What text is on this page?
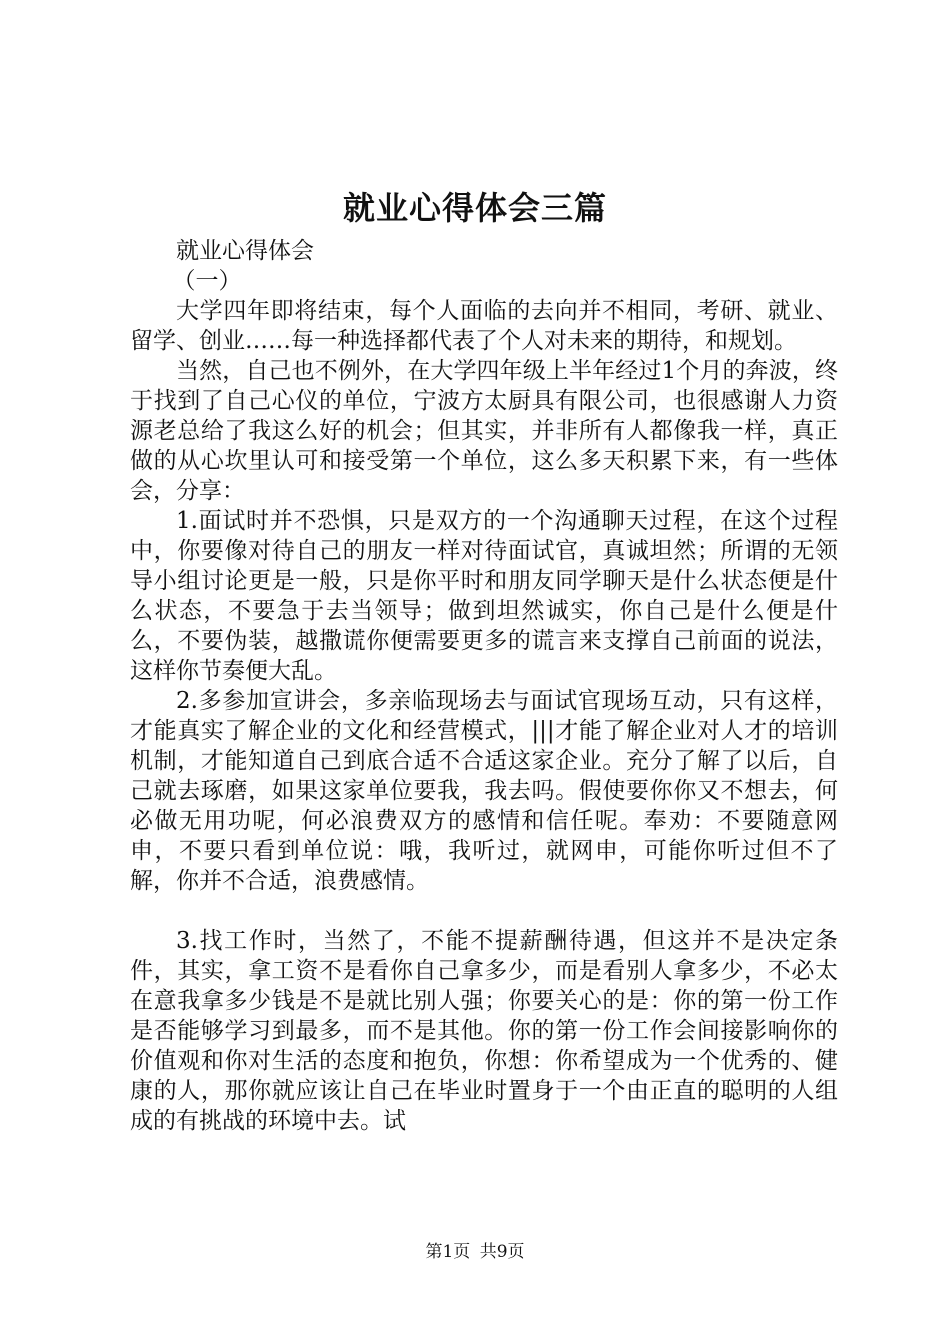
就业心得体会三篇

就业心得体会

（一）

大学四年即将结束，每个人面临的去向并不相同，考研、就业、留学、创业……每一种选择都代表了个人对未来的期待，和规划。

当然，自己也不例外，在大学四年级上半年经过1个月的奔波，终于找到了自己心仪的单位，宁波方太厨具有限公司，也很感谢人力资源老总给了我这么好的机会；但其实，并非所有人都像我一样，真正做的从心坎里认可和接受第一个单位，这么多天积累下来，有一些体会，分享：

1.面试时并不恐惧，只是双方的一个沟通聊天过程，在这个过程中，你要像对待自己的朋友一样对待面试官，真诚坦然；所谓的无领导小组讨论更是一般，只是你平时和朋友同学聊天是什么状态便是什么状态，不要急于去当领导；做到坦然诚实，你自己是什么便是什么，不要伪装，越撒谎你便需要更多的谎言来支撑自己前面的说法，这样你节奏便大乱。

2.多参加宣讲会，多亲临现场去与面试官现场互动，只有这样，才能真实了解企业的文化和经营模式，|||才能了解企业对人才的培训机制，才能知道自己到底合适不合适这家企业。充分了解了以后，自己就去琢磨，如果这家单位要我，我去吗。假使要你你又不想去，何必做无用功呢，何必浪费双方的感情和信任呢。奉劝：不要随意网申，不要只看到单位说：哦，我听过，就网申，可能你听过但不了解，你并不合适，浪费感情。

3.找工作时，当然了，不能不提薪酬待遇，但这并不是决定条件，其实，拿工资不是看你自己拿多少，而是看别人拿多少，不必太在意我拿多少钱是不是就比别人强；你要关心的是：你的第一份工作是否能够学习到最多，而不是其他。你的第一份工作会间接影响你的价值观和你对生活的态度和抱负，你想：你希望成为一个优秀的、健康的人，那你就应该让自己在毕业时置身于一个由正直的聪明的人组成的有挑战的环境中去。试

第1页 共9页
